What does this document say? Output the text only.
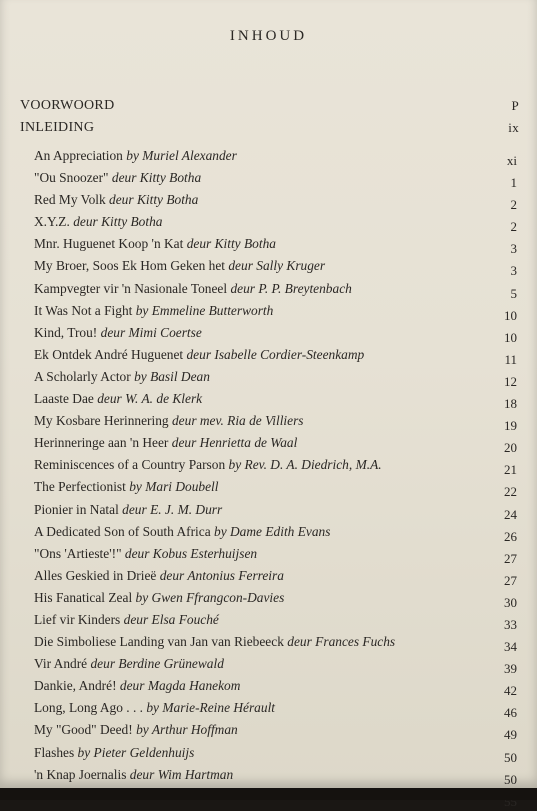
INHOUD
VOORWOORD	P
INLEIDING	ix
An Appreciation by Muriel Alexander	xi
"Ou Snoozer" deur Kitty Botha	1
Red My Volk deur Kitty Botha	2
X.Y.Z. deur Kitty Botha	2
Mnr. Huguenet Koop 'n Kat deur Kitty Botha	3
My Broer, Soos Ek Hom Geken het deur Sally Kruger	3
Kampvegter vir 'n Nasionale Toneel deur P. P. Breytenbach	5
It Was Not a Fight by Emmeline Butterworth	10
Kind, Trou! deur Mimi Coertse	10
Ek Ontdek André Huguenet deur Isabelle Cordier-Steenkamp	11
A Scholarly Actor by Basil Dean	12
Laaste Dae deur W. A. de Klerk	18
My Kosbare Herinnering deur mev. Ria de Villiers	19
Herinneringe aan 'n Heer deur Henrietta de Waal	20
Reminiscences of a Country Parson by Rev. D. A. Diedrich, M.A.	21
The Perfectionist by Mari Doubell	22
Pionier in Natal deur E. J. M. Durr	24
A Dedicated Son of South Africa by Dame Edith Evans	26
"Ons 'Artieste'!" deur Kobus Esterhuijsen	27
Alles Geskied in Drieë deur Antonius Ferreira	27
His Fanatical Zeal by Gwen Ffrangcon-Davies	30
Lief vir Kinders deur Elsa Fouché	33
Die Simboliese Landing van Jan van Riebeeck deur Frances Fuchs	34
Vir André deur Berdine Grünewald	39
Dankie, André! deur Magda Hanekom	42
Long, Long Ago . . . by Marie-Reine Hérault	46
My "Good" Deed! by Arthur Hoffman	49
Flashes by Pieter Geldenhuijs	50
'n Knap Joernalis deur Wim Hartman	50
